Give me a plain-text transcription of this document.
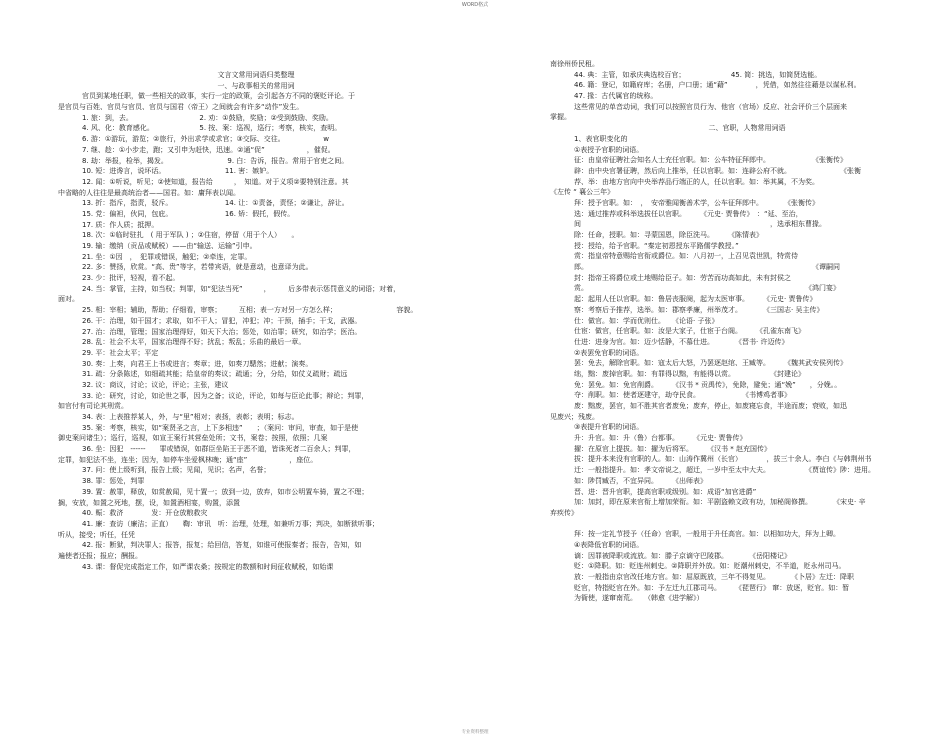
WORD格式
文言文常用词语归类整理
一、与政事相关的常用词
官员到某地任职，做一些相关的政事，实行一定的政策，会引起各方不同的褒贬评论。于
是官员与百姓、官员与官员、官员与国君（帝王）之间就会有许多“动作”发生。
1. 旅：到，去。　　　　　　　　　　2. 劝：①鼓励，奖励；②受到鼓励、奖励。
4. 风、化：教育感化。　　　　　　　5. 按、案：巡视，巡行；考察，核实，查明。
6. 游：①游玩，游览；②旅行，外出求学或求官；③交际、交往。　　　　　　w
7. 继、趁：①小步走，跑；又引申为赶快，迅速。②通“促”　　　　　　，催促。
8. 劫：举报，检举，揭发。　　　　　　　　　9. 白：告诉，报告。常用于官吏之间。
10. 短：进谗言，说坏话。　　　　　　　　　11. 害：嫉妒。
12. 闻：①听说，听见；②使知道，报告给　　　，　知道。对于义项②要特别注意。其
中省略的人往往是最高统治者——国君。如：庸拜表以闻。
13. 折：指斥，指责，驳斥。　　　　　　　　14. 让：①责备，责怪；②谦让，辞让。
15. 党：偏袒，伙同，包庇。　　　　　　　　16. 矫：假托，假传。
17. 质：作人质；抵押。
18. 次：①临时驻扎　( 用于军队 ) ；②住宿，停留（用于个人）　　。
19. 输：缴纳（贡品或赋税）——由“输送、运输”引申。
21. 坐：①因　，　犯罪或错误，触犯；②牵连，定罪。
22. 多：赞扬，欣赏。“高、贵”等字，若带宾语，就是意动，也意译为此。
23. 少：批评，轻视，看不起。
24. 当：掌管，主持，如当权；判罪，如“犯法当死”　　　，　　　后多带表示惩罚意义的词语；对着，
面对。
25. 相：宰相；辅助，帮助；仔细看，审察；　　　互相；表一方对另一方怎么样；　　　　　　　　　容貌。
26. 干：治理，如干国才；求取，如不干人；冒犯，冲犯；冲；干预，插手；干戈，武器。
27. 治：治理，管理；国家治理得好，如天下大治；惩处，如治罪；研究，如治学；医治。
28. 乱：社会不太平，国家治理得不好；扰乱；叛乱；乐曲的最后一章。
29. 平：社会太平；平定
30. 奏：上奏，向君王上书或进言；奏章；进，如奏刀騞然；进献；演奏。
31. 疏：分条陈述，如细疏其能；给皇帝的奏议；疏通；分，分给，如仗义疏财；疏远
32. 议：商议，讨论；议论，评论；主张，建议
33. 论：研究，讨论，如论世之事，因为之备；议论，评论，如每与臣论此事；辩论；判罪，
如官付有司论其刑赏。
34. 表：上表推荐某人，外，与“里”相对；表扬，表彰；表明；标志。
35. 案：考察，核实，如“案贤圣之言，上下多相违”　　；（案问：审问，审查，如于是使
御史案问诸生）；巡行，巡视，如宣王案行其营垒处所；文书，案卷；按照，依照；几案
36. 坐：因犯　------　　罪或错误，如群臣坐陷王于恶不道，皆诛死者二百余人；判罪，
定罪，如犯法不坐，连坐；因为，如停车坐爱枫林晚；通“座”　　　　　　，座位。
37. 问：使上级听到，报告上级；见闻，见识；名声，名誉；
38. 罪：惩处，判罪
39. 置：赦罪，释放，如赏赦闻，见十置一；放到一边，放弃，如市公明置车骑，置之不理；
搁，安放，如置之死地，摆，设，如置酒相宴，购置，添置
40. 赈：救济　　　　发：开仓放粮救灾
41. 廉：查访（廉洁；正直）　　鞫：审讯　听：治理，处理，如兼听万事；判决，如断狱听事；
听从，接受；听任，任凭
42. 报：断狱，判决罪人；报答，报复；给回信，答复，如谁可使报秦者；报告，告知，如
遍使者还报；报应；酬报。
43. 课：督促完成指定工作，如严课农桑；按规定的数额和时间征收赋税，如始课
南徐州侨民租。
44. 典：主管，如承庆典选校百官；　　　　　　　45. 简：挑选，如简贤选能。
46. 籍：登记，如籍府库；名册，户口册；通“藉”　　　　，凭借，如然往往藉是以谋私利。
47. 掾：古代属官的统称。
这些常见的单音动词，我们可以按照官员行为、他官（官场）反应、社会评价三个层面来
掌握。
二、官职，人物常用词语
1、表官职变化的
①表授予官职的词语。
征：由皇帝征聘社会知名人士充任官职。如：公车特征拜郎中。　　　　　　　《张衡传》
辟：由中央官署征聘，然后向上推举，任以官职。如：连辟公府不就。　　　　　　　　《张衡
荐、举：由地方官向中央举荐品行端正的人，任以官职。如：举其属，不为奖。
《左传 “ 襄公三年》
拜：授予官职。如：　，　安帝雅闻衡善术学，公车征拜郎中。　　　　《张衡传》
选：通过推荐或科举选拔任以官职。　　　《元史· 贾鲁传》　：“延、至治，
间　　　　　　　　　　　　　　　　　　　　　　　　　　　，选承相东曹掾。
除：任命，授职。如：寻蒙国恩，除臣洗马。　　　《陈情表》
授：授给，给予官职。“秦定初恩授东平路儒学教授。”
赏：指皇帝特意赐给官衔或爵位。如：八月初一，上召见袁世凯，特赏侍
郎。　　　　　　　　　　　　　　　　　　　　　　　　　　　　　　　　　《谭嗣同
封：指帝王将爵位或土地赐给臣子。如：劳苦而功高如此，未有封侯之
赏。　　　　　　　　　　　　　　　　　　　　　　　　　　　　　　　　《鸿门宴》
起：起用人任以官职。如：鲁居丧服阕，起为太医审事。　　　《元史· 贾鲁传》
察：考察后予推荐，选举。如：郡察孝廉，州举茂才。　　　　《三国志· 吴主传》
仕：做官。如：学而优则仕。　　《论语· 子张》
仕宦：做官，任官职。如：汝是大家子，仕宦于台阁。　　　《孔雀东南飞》
仕进：进身为官。如：迈少恬静，不慕仕进。　　　　《晋书· 许迈传》
②表罢免官职的词语。
罢：免去，解除官职。如：寇太后大怒，乃罢逐赵绾、王臧等。　　　《魏其武安侯列传》
绌，黜：废掉官职。如：有罪得以黜，有能得以赏。　　　　　　《封建论》
免：罢免。如：免官削爵。　　　《汉书 * 贡禹传》，免除，避免；通“娩”　　，分娩。。
夺：削职。如：使者逐建守，劫夺民食。　　　　　　　《书博鸡者事》
废：黜废，罢官，如不胜其官者废免；废弃，停止，如废寝忘食，半途而废；衰败，如迅
见废兴；残废。
③表提升官职的词语。
升：升官。如：升（鲁）台都事。　　　《元史· 贾鲁传》
擢：在原官上提拔。如：擢为后将军。　　　《汉书 * 赵充国传》
拔：提升本来没有官职的人。如：山涛作冀州（长官）　　　　，拔三十余人。李白《与韩荆州书
迁：一般指提升。如：孝文帝说之，超迁，一岁中至太中大夫。　　　　　　《贾谊传》陟：进用。
如：陟罚臧否，不宜异同。　　　《出师表》
晋、进：晋升官职，提高官职或级别。如：成语“加官进爵”
加：加封，即在原来官衔上增加荣衔。如：平剧盗赖文政有功，加秘阁修撰。　　　　《宋史· 辛
弃疾传》
拜：按一定礼节授予（任命）官职，一般用于升任高官。如：以相如功大，拜为上卿。
④表降低官职的词语。
谪：因罪被降职或流放。如：滕子京谪守巴陵郡。　　　　《岳阳楼记》
贬：①降职。如：贬连州刺史。②降职并外放。如：贬潮州刺史，不半道，贬永州司马。
放：一般指由京官改任地方官。如：屈原既放，三年不得复见。　　　　《卜居》左迁：降职
贬官，特指贬官在外。如：予左迁九江郡司马。　　　《琵琶行》 窜：放逐，贬官。如：暂
为衙使，遂窜南荒。　　（韩愈《进学解》）
专业资料整理
